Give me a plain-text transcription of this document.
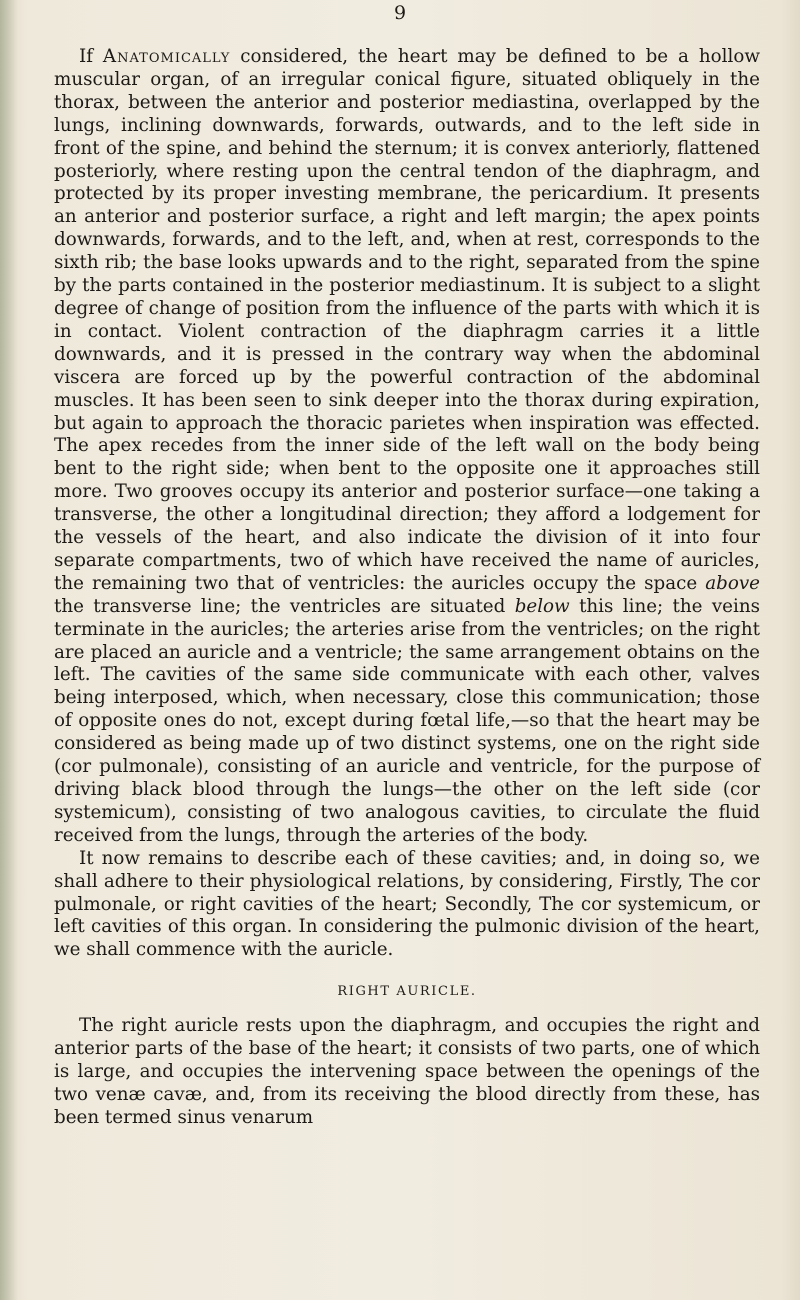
9

If Anatomically considered, the heart may be defined to be a hollow muscular organ, of an irregular conical figure, situated obliquely in the thorax, between the anterior and posterior mediastina, overlapped by the lungs, inclining downwards, forwards, outwards, and to the left side in front of the spine, and behind the sternum; it is convex anteriorly, flattened posteriorly, where resting upon the central tendon of the diaphragm, and protected by its proper investing membrane, the pericardium. It presents an anterior and posterior surface, a right and left margin; the apex points downwards, forwards, and to the left, and, when at rest, corresponds to the sixth rib; the base looks upwards and to the right, separated from the spine by the parts contained in the posterior mediastinum. It is subject to a slight degree of change of position from the influence of the parts with which it is in contact. Violent contraction of the diaphragm carries it a little downwards, and it is pressed in the contrary way when the abdominal viscera are forced up by the powerful contraction of the abdominal muscles. It has been seen to sink deeper into the thorax during expiration, but again to approach the thoracic parietes when inspiration was effected. The apex recedes from the inner side of the left wall on the body being bent to the right side; when bent to the opposite one it approaches still more. Two grooves occupy its anterior and posterior surface—one taking a transverse, the other a longitudinal direction; they afford a lodgement for the vessels of the heart, and also indicate the division of it into four separate compartments, two of which have received the name of auricles, the remaining two that of ventricles: the auricles occupy the space above the transverse line; the ventricles are situated below this line; the veins terminate in the auricles; the arteries arise from the ventricles; on the right are placed an auricle and a ventricle; the same arrangement obtains on the left. The cavities of the same side communicate with each other, valves being interposed, which, when necessary, close this communication; those of opposite ones do not, except during fœtal life,—so that the heart may be considered as being made up of two distinct systems, one on the right side (cor pulmonale), consisting of an auricle and ventricle, for the purpose of driving black blood through the lungs—the other on the left side (cor systemicum), consisting of two analogous cavities, to circulate the fluid received from the lungs, through the arteries of the body.

It now remains to describe each of these cavities; and, in doing so, we shall adhere to their physiological relations, by considering, Firstly, The cor pulmonale, or right cavities of the heart; Secondly, The cor systemicum, or left cavities of this organ. In considering the pulmonic division of the heart, we shall commence with the auricle.

RIGHT AURICLE.

The right auricle rests upon the diaphragm, and occupies the right and anterior parts of the base of the heart; it consists of two parts, one of which is large, and occupies the intervening space between the openings of the two venæ cavæ, and, from its receiving the blood directly from these, has been termed sinus venarum
